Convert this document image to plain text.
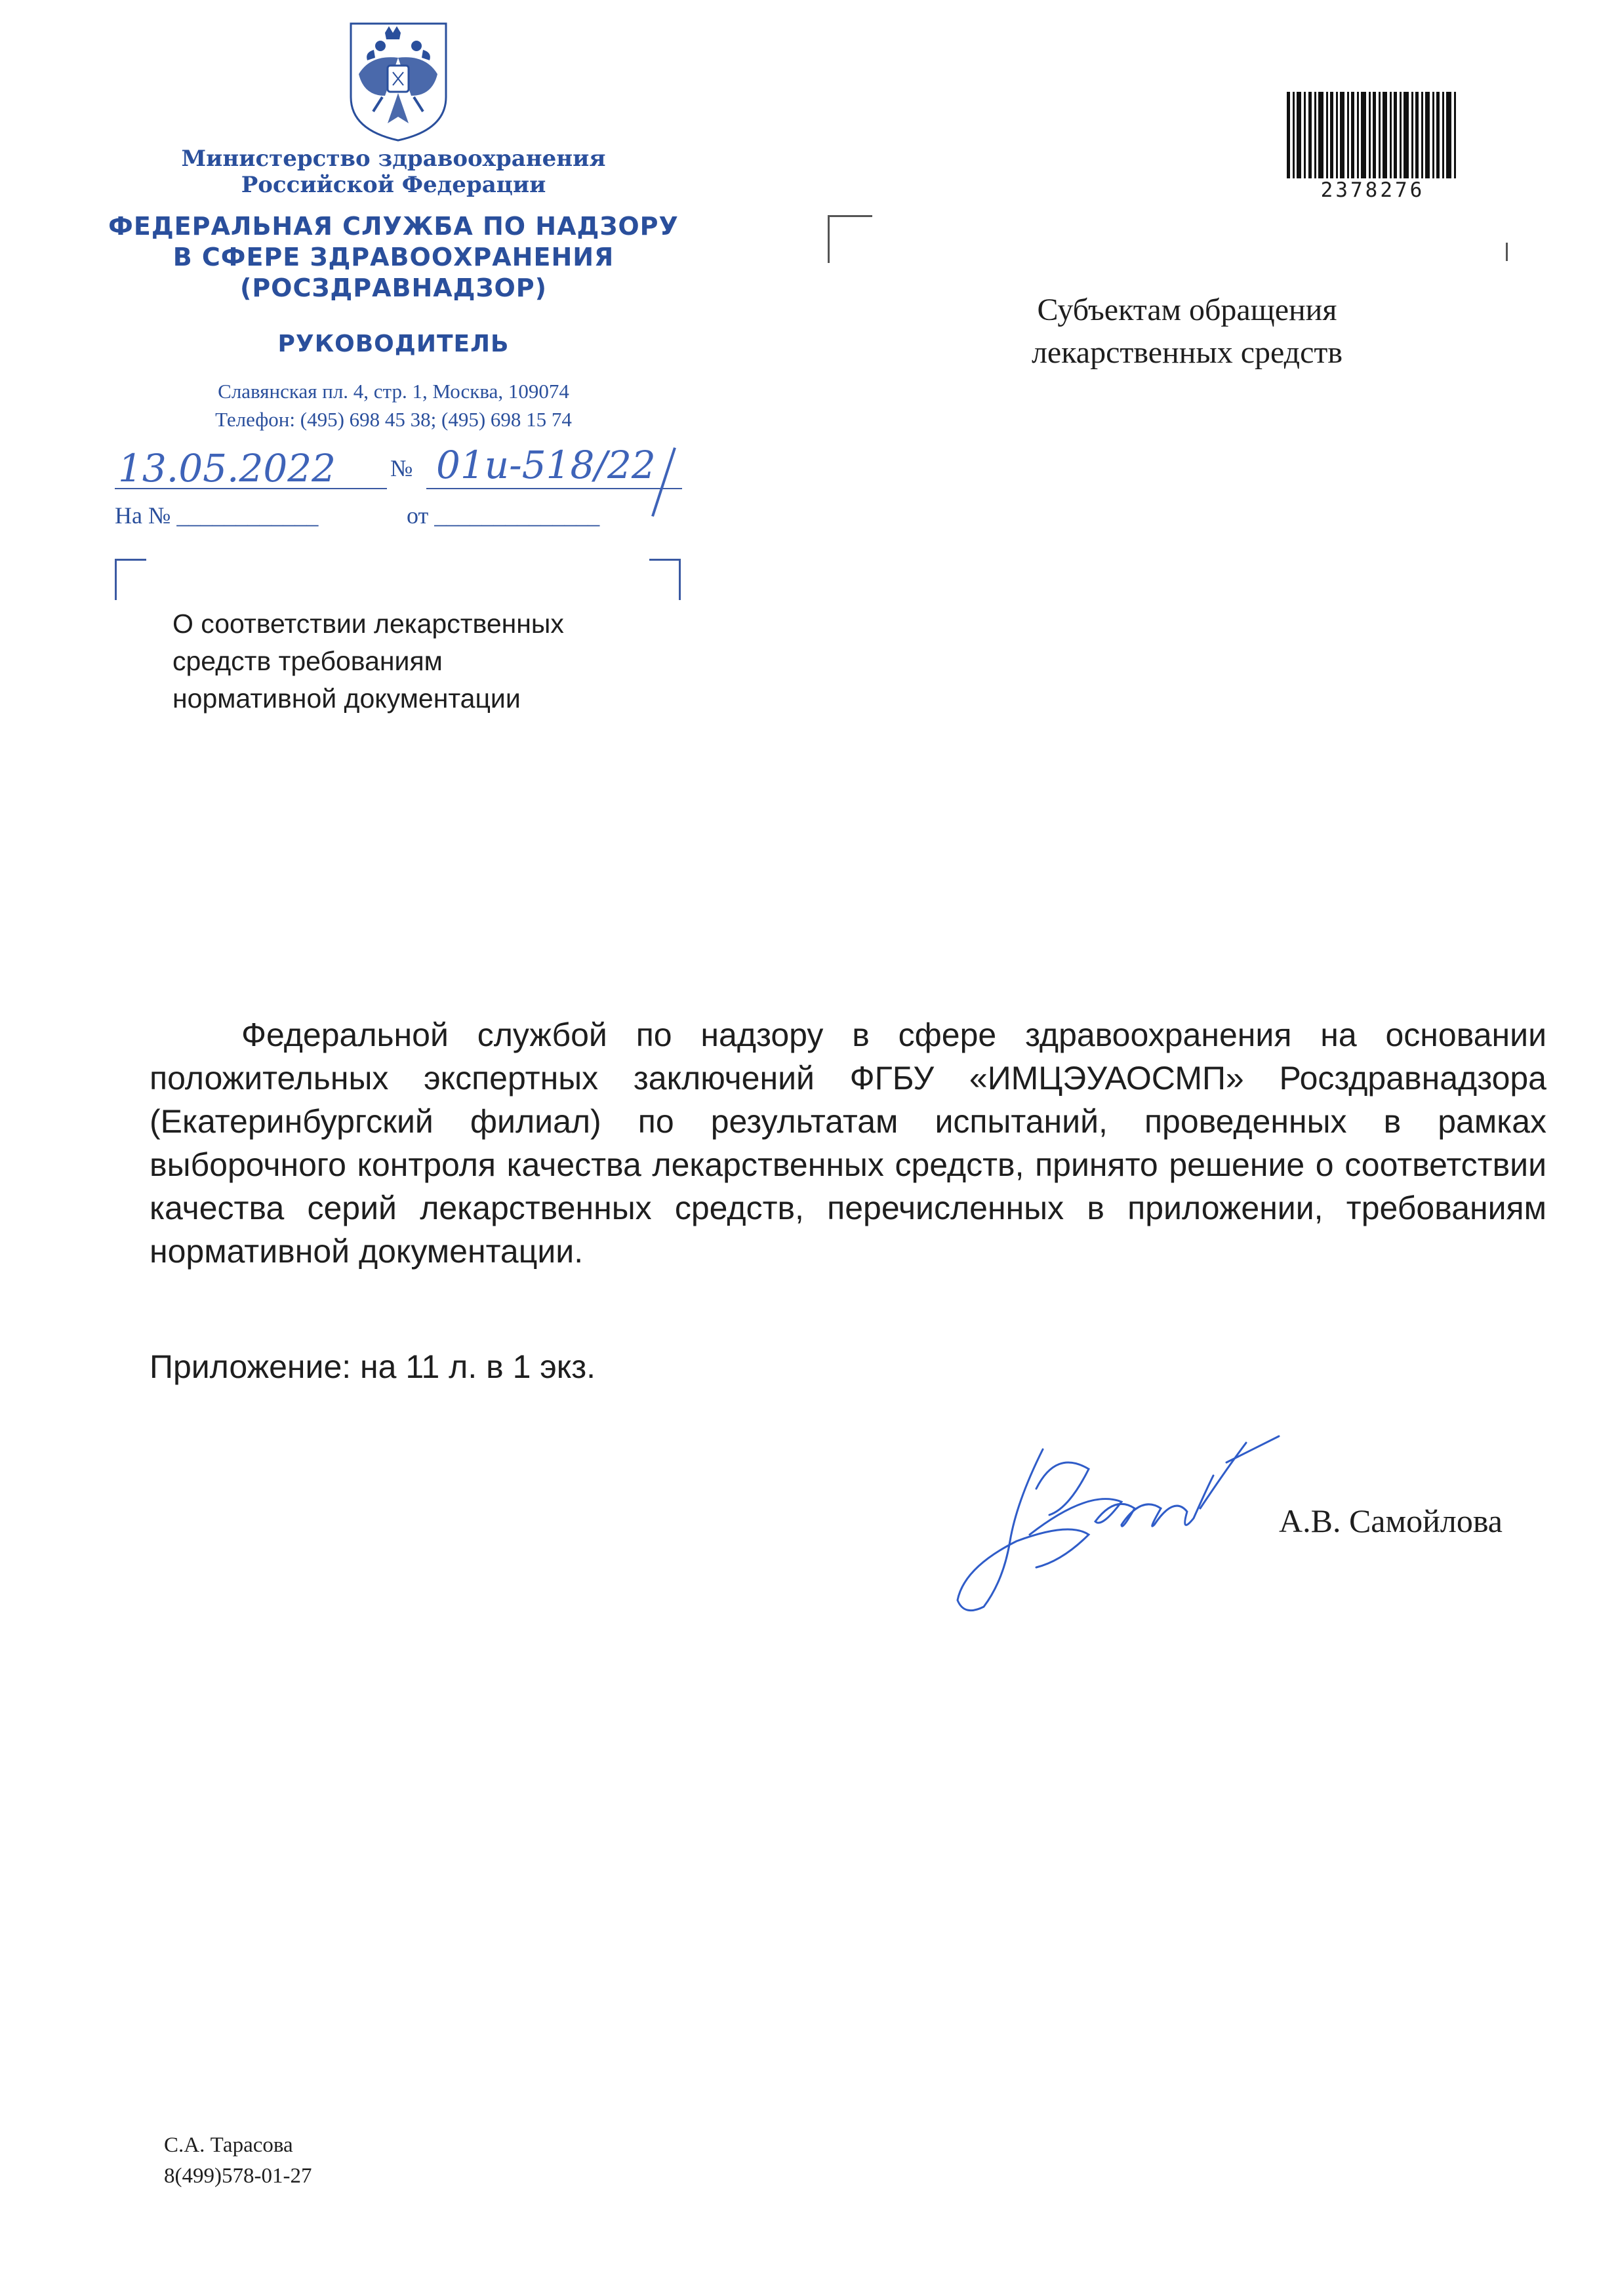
Министерство здравоохранения
Российской Федерации
ФЕДЕРАЛЬНАЯ СЛУЖБА ПО НАДЗОРУ
В СФЕРЕ ЗДРАВООХРАНЕНИЯ
(РОСЗДРАВНАДЗОР)
РУКОВОДИТЕЛЬ
Славянская пл. 4, стр. 1, Москва, 109074
Телефон: (495) 698 45 38; (495) 698 15 74
13.05.2022 № 01и-518/22
На № ____________	от ______________
О соответствии лекарственных
средств требованиям
нормативной документации
Субъектам обращения
лекарственных средств
2378276
Федеральной службой по надзору в сфере здравоохранения на основании положительных экспертных заключений ФГБУ «ИМЦЭУАОСМП» Росздравнадзора (Екатеринбургский филиал) по результатам испытаний, проведенных в рамках выборочного контроля качества лекарственных средств, принято решение о соответствии качества серий лекарственных средств, перечисленных в приложении, требованиям нормативной документации.
Приложение: на 11 л. в 1 экз.
А.В. Самойлова
С.А. Тарасова
8(499)578-01-27
